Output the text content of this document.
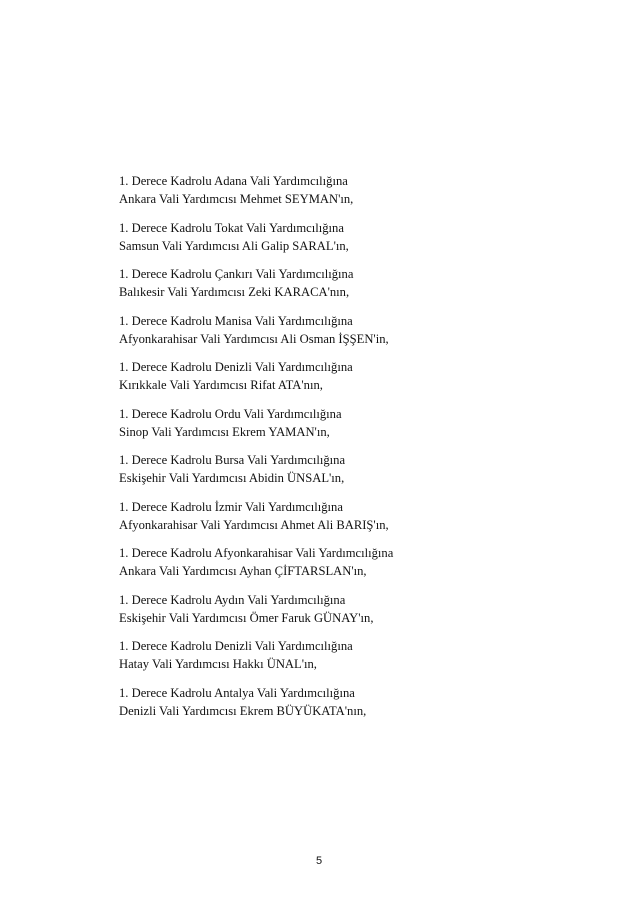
1. Derece Kadrolu Adana Vali Yardımcılığına
Ankara Vali Yardımcısı Mehmet SEYMAN'ın,
1. Derece Kadrolu Tokat Vali Yardımcılığına
Samsun Vali Yardımcısı Ali Galip SARAL'ın,
1. Derece Kadrolu Çankırı Vali Yardımcılığına
Balıkesir Vali Yardımcısı Zeki KARACA'nın,
1. Derece Kadrolu Manisa Vali Yardımcılığına
Afyonkarahisar Vali Yardımcısı Ali Osman İŞŞEN'in,
1. Derece Kadrolu Denizli Vali Yardımcılığına
Kırıkkale Vali Yardımcısı Rifat ATA'nın,
1. Derece Kadrolu Ordu Vali Yardımcılığına
Sinop Vali Yardımcısı Ekrem YAMAN'ın,
1. Derece Kadrolu Bursa Vali Yardımcılığına
Eskişehir Vali Yardımcısı Abidin ÜNSAL'ın,
1. Derece Kadrolu İzmir Vali Yardımcılığına
Afyonkarahisar Vali Yardımcısı Ahmet Ali BARIŞ'ın,
1. Derece Kadrolu Afyonkarahisar Vali Yardımcılığına
Ankara Vali Yardımcısı Ayhan ÇİFTARSLAN'ın,
1. Derece Kadrolu Aydın Vali Yardımcılığına
Eskişehir Vali Yardımcısı Ömer Faruk GÜNAY'ın,
1. Derece Kadrolu Denizli Vali Yardımcılığına
Hatay Vali Yardımcısı Hakkı ÜNAL'ın,
1. Derece Kadrolu Antalya Vali Yardımcılığına
Denizli Vali Yardımcısı Ekrem BÜYÜKATA'nın,
5
